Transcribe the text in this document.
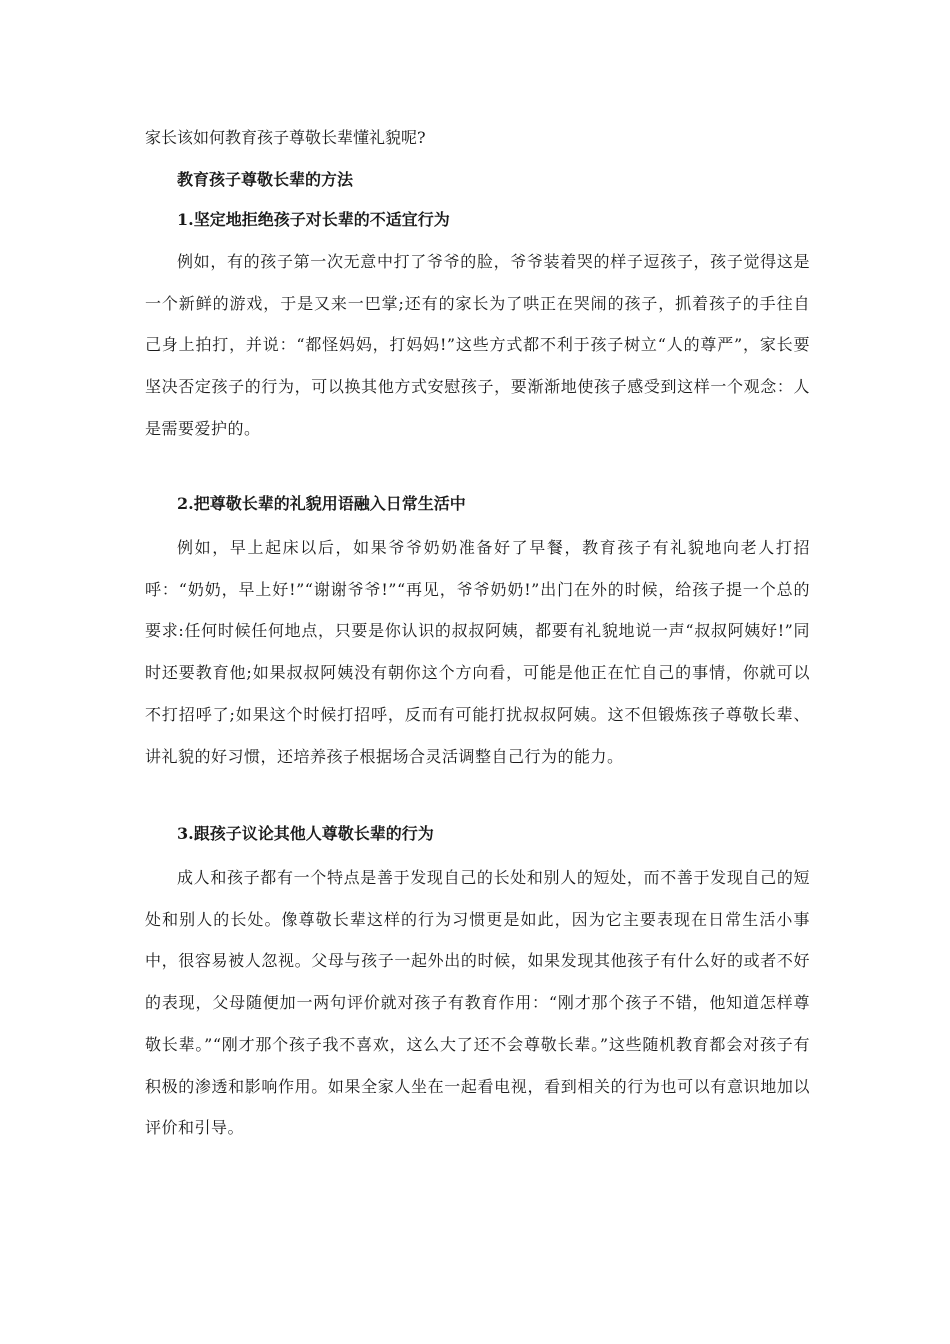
家长该如何教育孩子尊敬长辈懂礼貌呢?

教育孩子尊敬长辈的方法

1.坚定地拒绝孩子对长辈的不适宜行为

例如，有的孩子第一次无意中打了爷爷的脸，爷爷装着哭的样子逗孩子，孩子觉得这是一个新鲜的游戏，于是又来一巴掌;还有的家长为了哄正在哭闹的孩子，抓着孩子的手往自己身上拍打，并说：“都怪妈妈，打妈妈!”这些方式都不利于孩子树立“人的尊严”，家长要坚决否定孩子的行为，可以换其他方式安慰孩子，要渐渐地使孩子感受到这样一个观念：人是需要爱护的。

2.把尊敬长辈的礼貌用语融入日常生活中

例如，早上起床以后，如果爷爷奶奶准备好了早餐，教育孩子有礼貌地向老人打招呼：“奶奶，早上好!”“谢谢爷爷!”“再见，爷爷奶奶!”出门在外的时候，给孩子提一个总的要求:任何时候任何地点，只要是你认识的叔叔阿姨，都要有礼貌地说一声“叔叔阿姨好!”同时还要教育他;如果叔叔阿姨没有朝你这个方向看，可能是他正在忙自己的事情，你就可以不打招呼了;如果这个时候打招呼，反而有可能打扰叔叔阿姨。这不但锻炼孩子尊敬长辈、讲礼貌的好习惯，还培养孩子根据场合灵活调整自己行为的能力。

3.跟孩子议论其他人尊敬长辈的行为

成人和孩子都有一个特点是善于发现自己的长处和别人的短处，而不善于发现自己的短处和别人的长处。像尊敬长辈这样的行为习惯更是如此，因为它主要表现在日常生活小事中，很容易被人忽视。父母与孩子一起外出的时候，如果发现其他孩子有什么好的或者不好的表现，父母随便加一两句评价就对孩子有教育作用：“刚才那个孩子不错，他知道怎样尊敬长辈。”“刚才那个孩子我不喜欢，这么大了还不会尊敬长辈。”这些随机教育都会对孩子有积极的渗透和影响作用。如果全家人坐在一起看电视，看到相关的行为也可以有意识地加以评价和引导。
